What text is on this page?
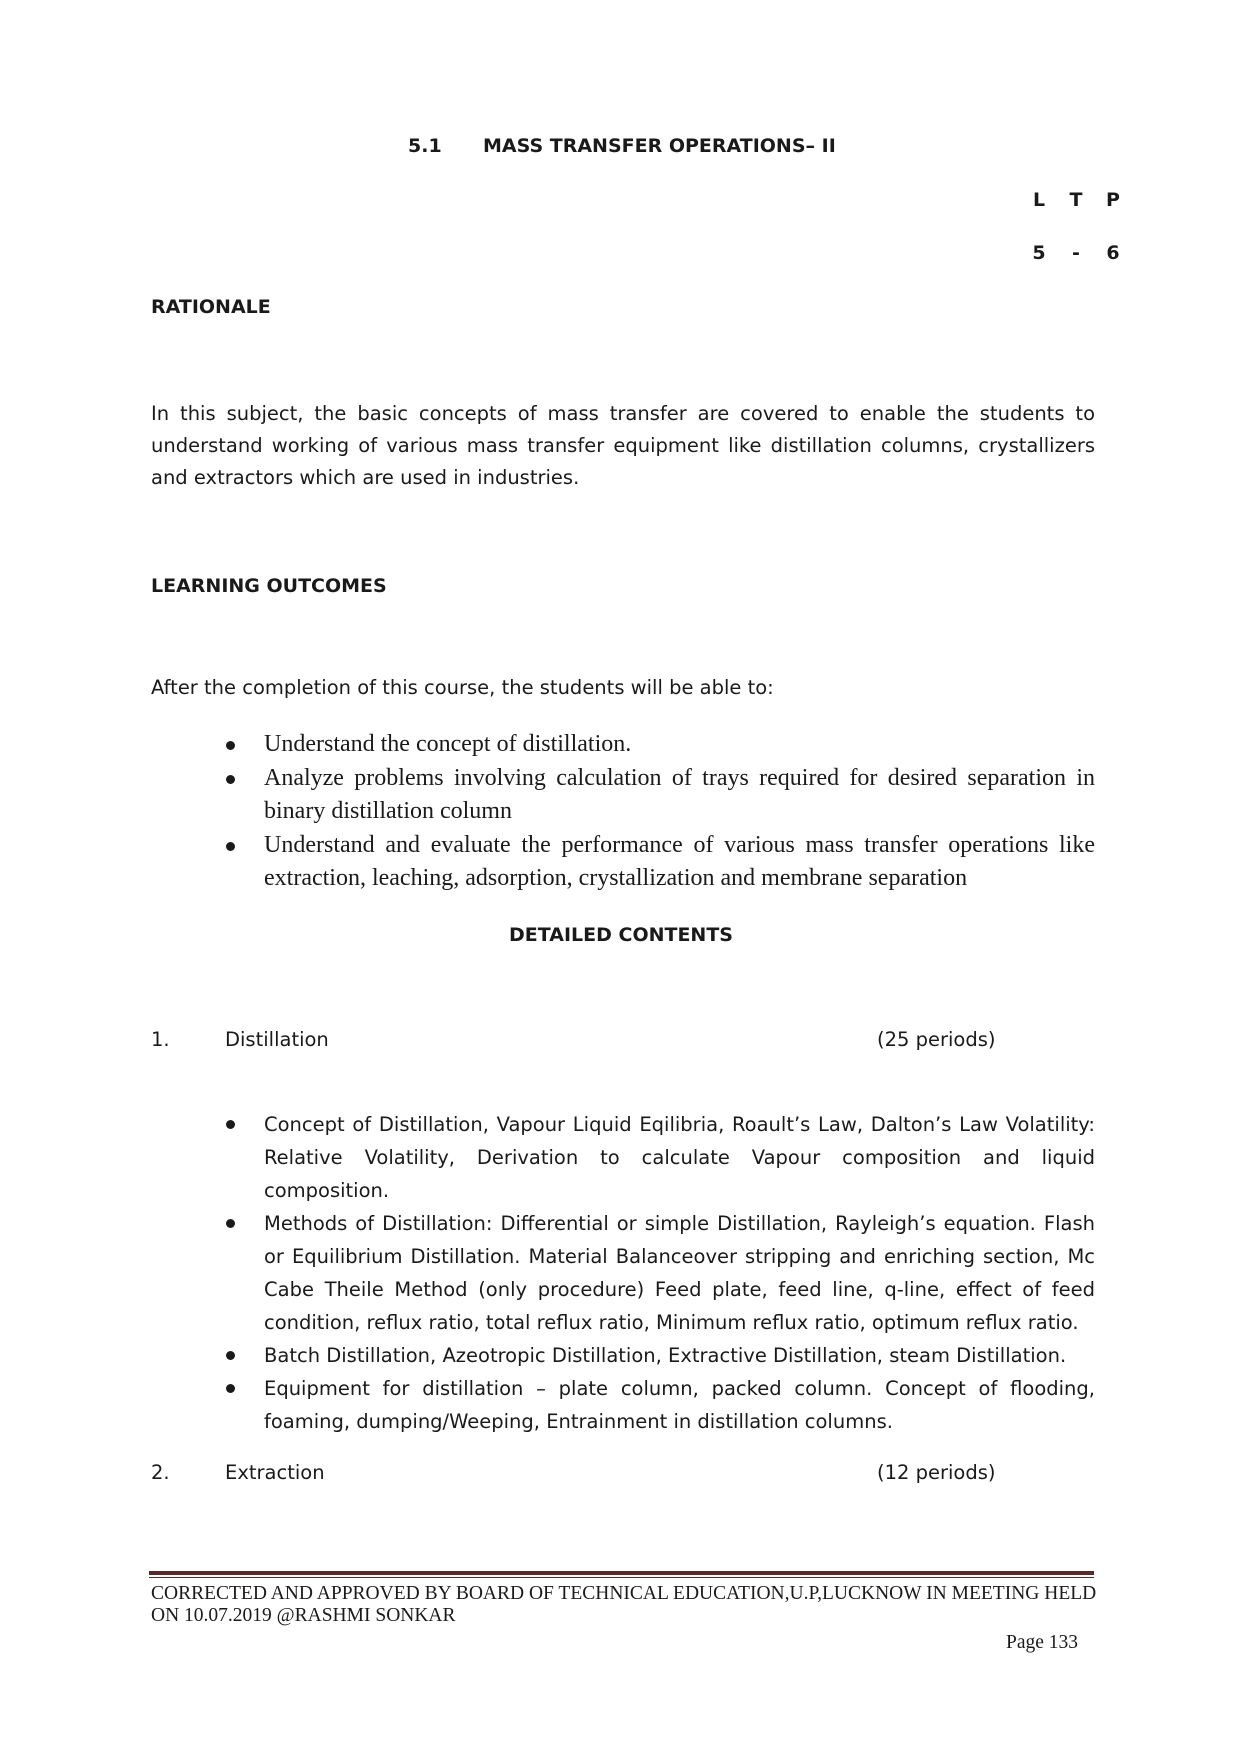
5.1 MASS TRANSFER OPERATIONS– II
L	T P
5	-	6
RATIONALE
In this subject, the basic concepts of mass transfer are covered to enable the students to understand working of various mass transfer equipment like distillation columns, crystallizers and extractors which are used in industries.
LEARNING OUTCOMES
After the completion of this course, the students will be able to:
Understand the concept of distillation.
Analyze problems involving calculation of trays required for desired separation in binary distillation column
Understand and evaluate the performance of various mass transfer operations like extraction, leaching, adsorption, crystallization and membrane separation
DETAILED CONTENTS
1.	Distillation	(25 periods)
Concept of Distillation, Vapour Liquid Eqilibria, Roault’s Law, Dalton’s Law Volatility: Relative Volatility, Derivation to calculate Vapour composition and liquid composition.
Methods of Distillation: Differential or simple Distillation, Rayleigh’s equation. Flash or Equilibrium Distillation. Material Balanceover stripping and enriching section, Mc Cabe Theile Method (only procedure) Feed plate, feed line, q-line, effect of feed condition, reflux ratio, total reflux ratio, Minimum reflux ratio, optimum reflux ratio.
Batch Distillation, Azeotropic Distillation, Extractive Distillation, steam Distillation.
Equipment for distillation – plate column, packed column. Concept of flooding, foaming, dumping/Weeping, Entrainment in distillation columns.
2.	Extraction	(12 periods)
CORRECTED AND APPROVED BY BOARD OF TECHNICAL EDUCATION,U.P,LUCKNOW IN MEETING HELD
ON 10.07.2019 @RASHMI SONKAR
Page 133
